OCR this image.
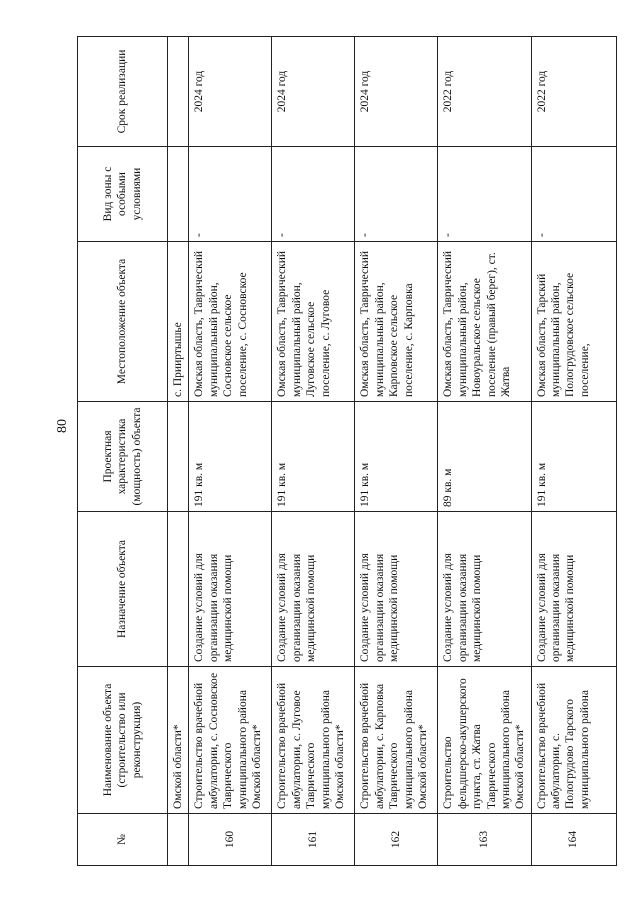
80
№	Наименование объекта (строительство или реконструкция)	Назначение объекта	Проектная характеристика (мощность) объекта	Местоположение объекта	Вид зоны с особыми условиями	Срок реализации
	Омской области*			с. Прииртышье		
160	Строительство врачебной амбулатории, с. Сосновское Таврического муниципального района Омской области*	Создание условий для организации оказания медицинской помощи	191 кв. м	Омская область, Таврический муниципальный район, Сосновское сельское поселение, с. Сосновское	-	2024 год
161	Строительство врачебной амбулатории, с. Луговое Таврического муниципального района Омской области*	Создание условий для организации оказания медицинской помощи	191 кв. м	Омская область, Таврический муниципальный район, Луговское сельское поселение, с. Луговое	-	2024 год
162	Строительство врачебной амбулатории, с. Карповка Таврического муниципального района Омской области*	Создание условий для организации оказания медицинской помощи	191 кв. м	Омская область, Таврический муниципальный район, Карповское сельское поселение, с. Карповка	-	2024 год
163	Строительство фельдшерско-акушерского пункта, ст. Жатва Таврического муниципального района Омской области*	Создание условий для организации оказания медицинской помощи	89 кв. м	Омская область, Таврический муниципальный район, Новоуральское сельское поселение (правый берег), ст. Жатва	-	2022 год
164	Строительство врачебной амбулатории, с. Пологрудово Тарского муниципального района	Создание условий для организации оказания медицинской помощи	191 кв. м	Омская область, Тарский муниципальный район, Пологрудовское сельское поселение,	-	2022 год
